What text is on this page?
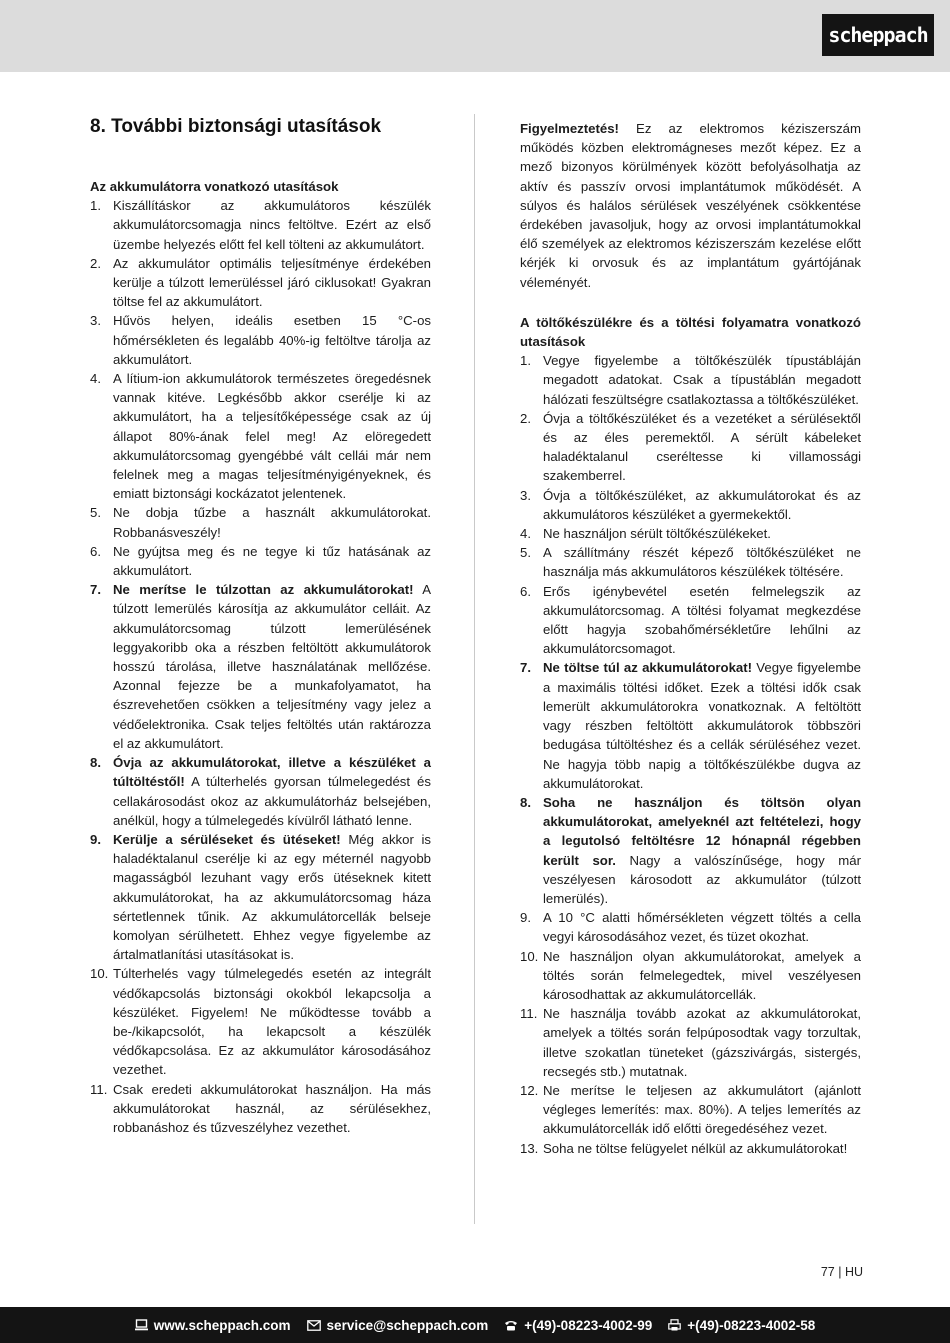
scheppach
8. További biztonsági utasítások

Az akkumulátorra vonatkozó utasítások

1. Kiszállításkor az akkumulátoros készülék akkumulátorcsomagja nincs feltöltve. Ezért az első üzembe helyezés előtt fel kell tölteni az akkumulátort.
2. Az akkumulátor optimális teljesítménye érdekében kerülje a túlzott lemerüléssel járó ciklusokat! Gyakran töltse fel az akkumulátort.
3. Hűvös helyen, ideális esetben 15 °C-os hőmérsékleten és legalább 40%-ig feltöltve tárolja az akkumulátort.
4. A lítium-ion akkumulátorok természetes öregedésnek vannak kitéve. Legkésőbb akkor cserélje ki az akkumulátort, ha a teljesítőképessége csak az új állapot 80%-ának felel meg! Az elöregedett akkumulátorcsomag gyengébbé vált cellái már nem felelnek meg a magas teljesítményigényeknek, és emiatt biztonsági kockázatot jelentenek.
5. Ne dobja tűzbe a használt akkumulátorokat. Robbanásveszély!
6. Ne gyújtsa meg és ne tegye ki tűz hatásának az akkumulátort.
7. Ne merítse le túlzottan az akkumulátorokat! A túlzott lemerülés károsítja az akkumulátor celláit. Az akkumulátorcsomag túlzott lemerülésének leggyakoribb oka a részben feltöltött akkumulátorok hosszú tárolása, illetve használatának mellőzése. Azonnal fejezze be a munkafolyamatot, ha észrevehetően csökken a teljesítmény vagy jelez a védőelektronika. Csak teljes feltöltés után raktározza el az akkumulátort.
8. Óvja az akkumulátorokat, illetve a készüléket a túltöltéstől! A túlterhelés gyorsan túlmelegedést és cellakárosodást okoz az akkumulátorház belsejében, anélkül, hogy a túlmelegedés kívülről látható lenne.
9. Kerülje a sérüléseket és ütéseket! Még akkor is haladéktalanul cserélje ki az egy méternél nagyobb magasságból lezuhant vagy erős ütéseknek kitett akkumulátorokat, ha az akkumulátorcsomag háza sértetlennek tűnik. Az akkumulátorcellák belseje komolyan sérülhetett. Ehhez vegye figyelembe az ártalmatlanítási utasításokat is.
10. Túlterhelés vagy túlmelegedés esetén az integrált védőkapcsolás biztonsági okokból lekapcsolja a készüléket. Figyelem! Ne működtesse tovább a be-/kikapcsolót, ha lekapcsolt a készülék védőkapcsolása. Ez az akkumulátor károsodásához vezethet.
11. Csak eredeti akkumulátorokat használjon. Ha más akkumulátorokat használ, az sérülésekhez, robbanáshoz és tűzveszélyhez vezethet.

Figyelmeztetés! Ez az elektromos kéziszerszám működés közben elektromágneses mezőt képez. Ez a mező bizonyos körülmények között befolyásolhatja az aktív és passzív orvosi implantátumok működését. A súlyos és halálos sérülések veszélyének csökkentése érdekében javasoljuk, hogy az orvosi implantátumokkal élő személyek az elektromos kéziszerszám kezelése előtt kérjék ki orvosuk és az implantátum gyártójának véleményét.

A töltőkészülékre és a töltési folyamatra vonatkozó utasítások

1. Vegye figyelembe a töltőkészülék típustábláján megadott adatokat. Csak a típustáblán megadott hálózati feszültségre csatlakoztassa a töltőkészüléket.
2. Óvja a töltőkészüléket és a vezetéket a sérülésektől és az éles peremektől. A sérült kábeleket haladéktalanul cseréltesse ki villamossági szakemberrel.
3. Óvja a töltőkészüléket, az akkumulátorokat és az akkumulátoros készüléket a gyermekektől.
4. Ne használjon sérült töltőkészülékeket.
5. A szállítmány részét képező töltőkészüléket ne használja más akkumulátoros készülékek töltésére.
6. Erős igénybevétel esetén felmelegszik az akkumulátorcsomag. A töltési folyamat megkezdése előtt hagyja szobahőmérsékletűre lehűlni az akkumulátorcsomagot.
7. Ne töltse túl az akkumulátorokat! Vegye figyelembe a maximális töltési időket. Ezek a töltési idők csak lemerült akkumulátorokra vonatkoznak. A feltöltött vagy részben feltöltött akkumulátorok többszöri bedugása túltöltéshez és a cellák sérüléséhez vezet. Ne hagyja több napig a töltőkészülékbe dugva az akkumulátorokat.
8. Soha ne használjon és töltsön olyan akkumulátorokat, amelyeknél azt feltételezi, hogy a legutolsó feltöltésre 12 hónapnál régebben került sor. Nagy a valószínűsége, hogy már veszélyesen károsodott az akkumulátor (túlzott lemerülés).
9. A 10 °C alatti hőmérsékleten végzett töltés a cella vegyi károsodásához vezet, és tüzet okozhat.
10. Ne használjon olyan akkumulátorokat, amelyek a töltés során felmelegedtek, mivel veszélyesen károsodhattak az akkumulátorcellák.
11. Ne használja tovább azokat az akkumulátorokat, amelyek a töltés során felpúposodtak vagy torzultak, illetve szokatlan tüneteket (gázszivárgás, sistergés, recsegés stb.) mutatnak.
12. Ne merítse le teljesen az akkumulátort (ajánlott végleges lemerítés: max. 80%). A teljes lemerítés az akkumulátorcellák idő előtti öregedéséhez vezet.
13. Soha ne töltse felügyelet nélkül az akkumulátorokat!
77 | HU
www.scheppach.com	service@scheppach.com	+(49)-08223-4002-99	+(49)-08223-4002-58
